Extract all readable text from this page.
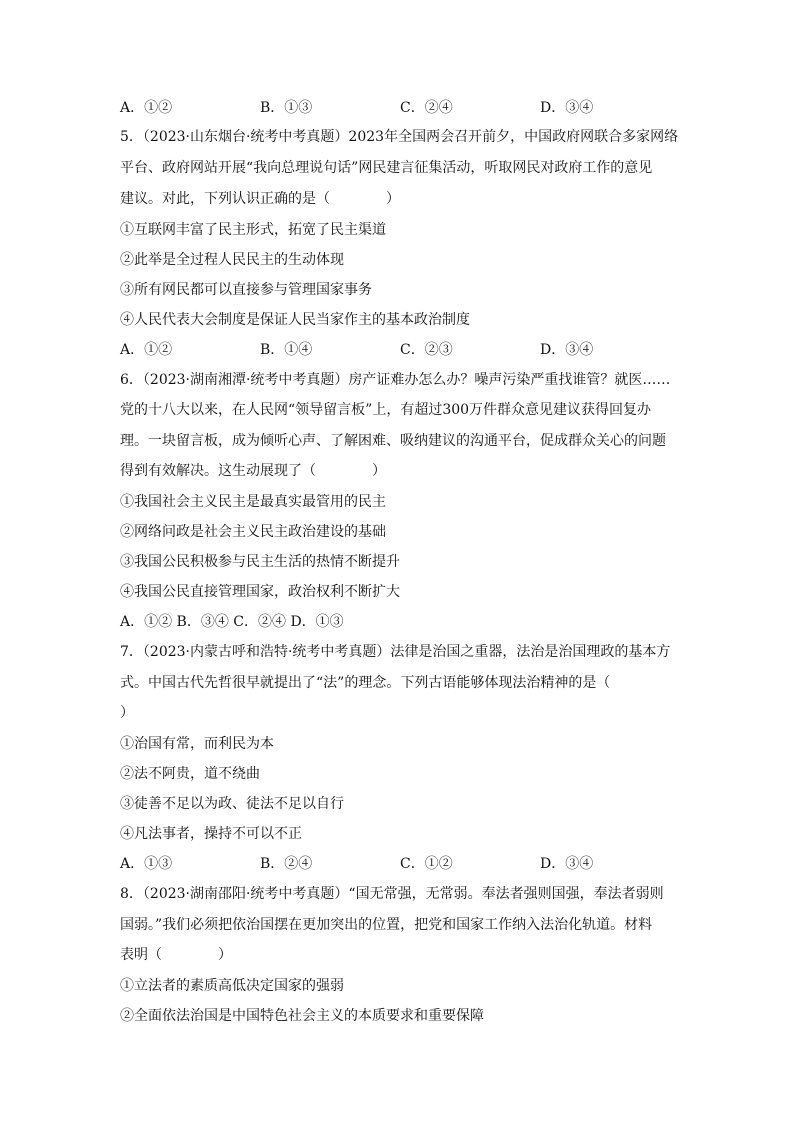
A．①②	B．①③	C．②④	D．③④
5．（2023·山东烟台·统考中考真题）2023年全国两会召开前夕，中国政府网联合多家网络
平台、政府网站开展“我向总理说句话”网民建言征集活动，听取网民对政府工作的意见
建议。对此，下列认识正确的是（　　　　）
①互联网丰富了民主形式，拓宽了民主渠道
②此举是全过程人民民主的生动体现
③所有网民都可以直接参与管理国家事务
④人民代表大会制度是保证人民当家作主的基本政治制度
A．①②	B．①④	C．②③	D．③④
6．（2023·湖南湘潭·统考中考真题）房产证难办怎么办？噪声污染严重找谁管？就医……
党的十八大以来，在人民网“领导留言板”上，有超过300万件群众意见建议获得回复办
理。一块留言板，成为倾听心声、了解困难、吸纳建议的沟通平台，促成群众关心的问题
得到有效解决。这生动展现了（　　　　）
①我国社会主义民主是最真实最管用的民主
②网络问政是社会主义民主政治建设的基础
③我国公民积极参与民主生活的热情不断提升
④我国公民直接管理国家，政治权利不断扩大
A．①② B．③④ C．②④ D．①③
7．（2023·内蒙古呼和浩特·统考中考真题）法律是治国之重器，法治是治国理政的基本方
式。中国古代先哲很早就提出了“法”的理念。下列古语能够体现法治精神的是（
）
①治国有常，而利民为本
②法不阿贵，道不绕曲
③徒善不足以为政、徒法不足以自行
④凡法事者，操持不可以不正
A．①③	B．②④	C．①②	D．③④
8．（2023·湖南邵阳·统考中考真题）“国无常强，无常弱。奉法者强则国强，奉法者弱则
国弱。”我们必须把依治国摆在更加突出的位置，把党和国家工作纳入法治化轨道。材料
表明（　　　　）
①立法者的素质高低决定国家的强弱
②全面依法治国是中国特色社会主义的本质要求和重要保障
